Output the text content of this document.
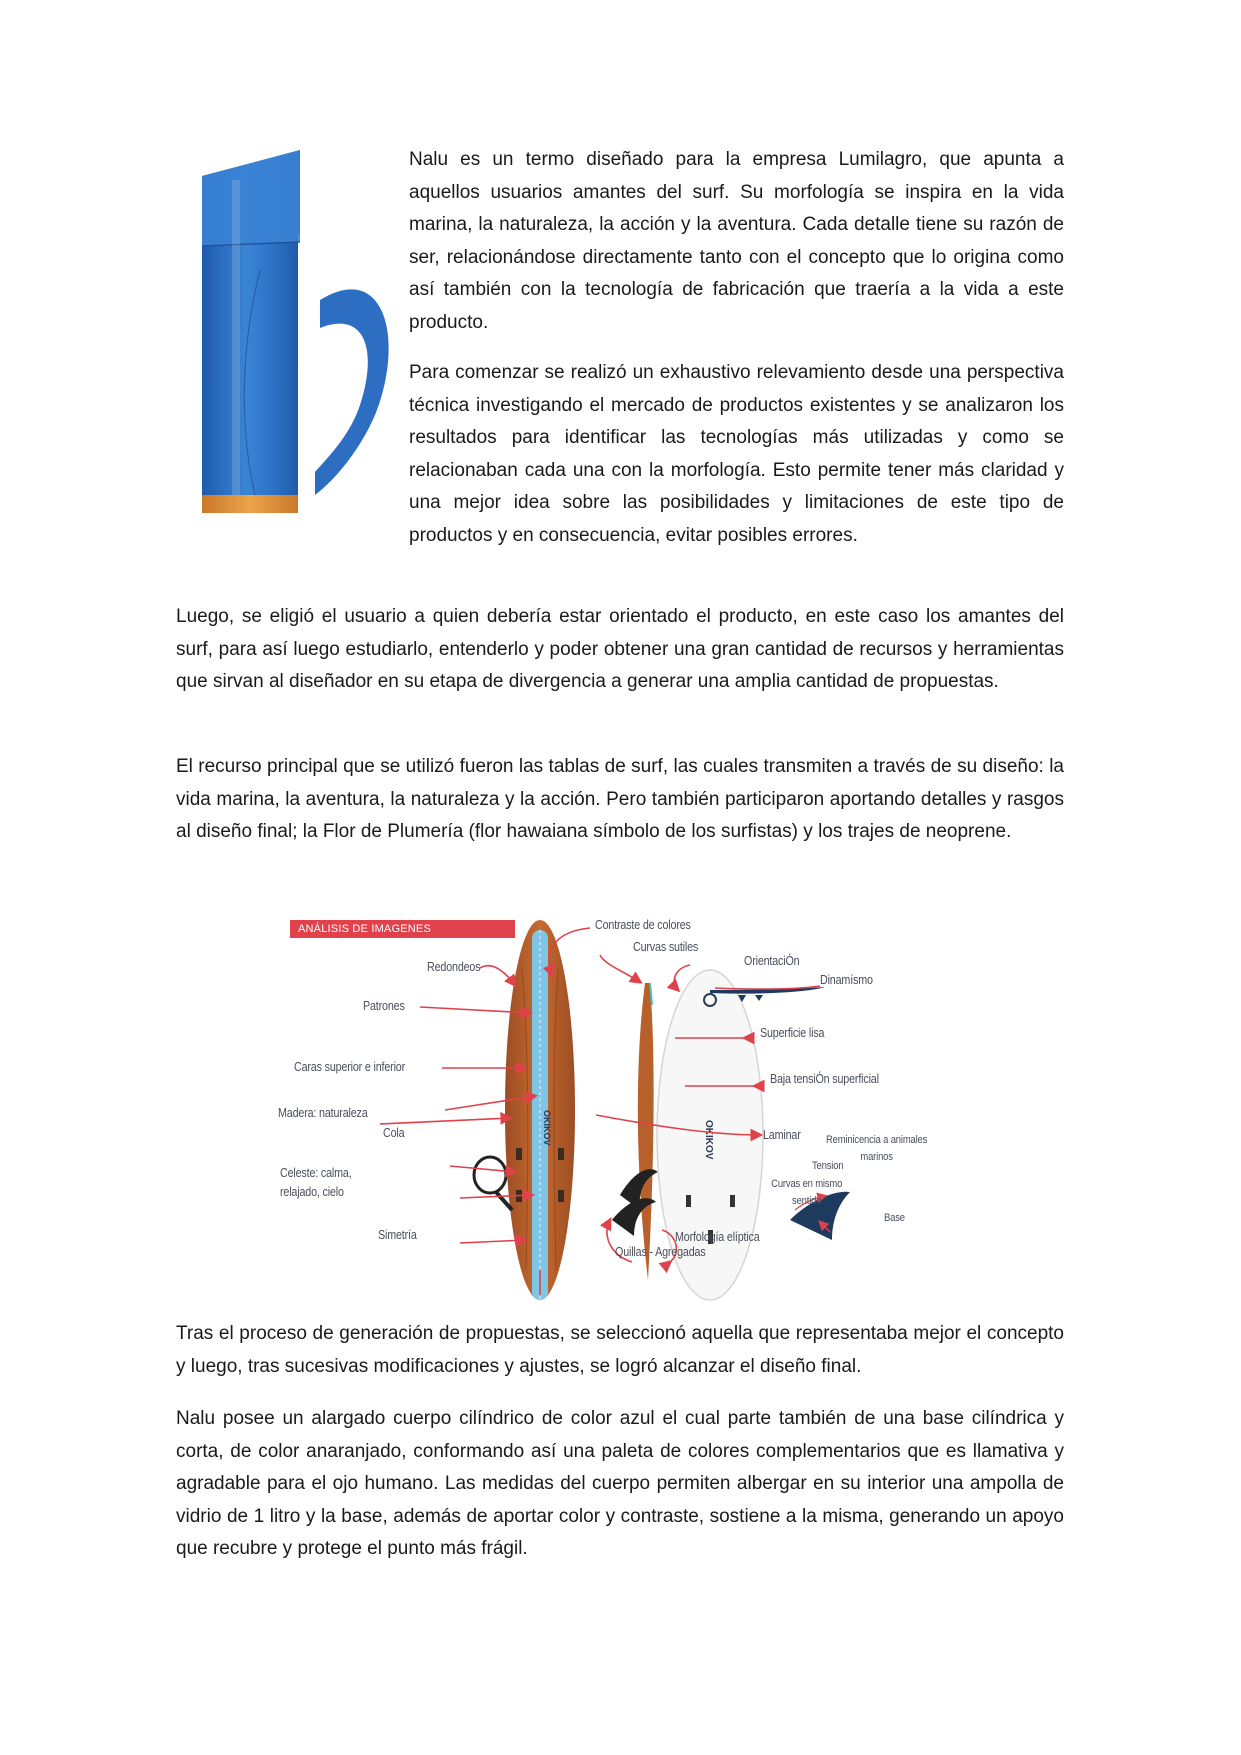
Nalu es un termo diseñado para la empresa Lumilagro, que apunta a aquellos usuarios amantes del surf. Su morfología se inspira en la vida marina, la naturaleza, la acción y la aventura. Cada detalle tiene su razón de ser, relacionándose directamente tanto con el concepto que lo origina como así también con la tecnología de fabricación que traería a la vida a este producto.

Para comenzar se realizó un exhaustivo relevamiento desde una perspectiva técnica investigando el mercado de productos existentes y se analizaron los resultados para identificar las tecnologías más utilizadas y como se relacionaban cada una con la morfología. Esto permite tener más claridad y una mejor idea sobre las posibilidades y limitaciones de este tipo de productos y en consecuencia, evitar posibles errores.

Luego, se eligió el usuario a quien debería estar orientado el producto, en este caso los amantes del surf, para así luego estudiarlo, entenderlo y poder obtener una gran cantidad de recursos y herramientas que sirvan al diseñador en su etapa de divergencia a generar una amplia cantidad de propuestas.

El recurso principal que se utilizó fueron las tablas de surf, las cuales transmiten a través de su diseño: la vida marina, la aventura, la naturaleza y la acción. Pero también participaron aportando detalles y rasgos al diseño final; la Flor de Plumería (flor hawaiana símbolo de los surfistas) y los trajes de neoprene.

ANÁLISIS DE IMAGENES
OKIKOV	OKIKOV
Redondeos
Patrones
Caras superior e inferior
Madera: naturaleza
Cola
Celeste: calma, relajado, cielo
Simetría
Contraste de colores
Curvas sutiles
OrientaciÓn
Dinamísmo
Superficie lisa
Baja tensiÓn superficial
Laminar Reminicencia a animales marinos
Tension
Curvas en mismo sentido
Base
Morfología elíptica
Quillas - Agregadas

Tras el proceso de generación de propuestas, se seleccionó aquella que representaba mejor el concepto y luego, tras sucesivas modificaciones y ajustes, se logró alcanzar el diseño final.

Nalu posee un alargado cuerpo cilíndrico de color azul el cual parte también de una base cilíndrica y corta, de color anaranjado, conformando así una paleta de colores complementarios que es llamativa y agradable para el ojo humano. Las medidas del cuerpo permiten albergar en su interior una ampolla de vidrio de 1 litro y la base, además de aportar color y contraste, sostiene a la misma, generando un apoyo que recubre y protege el punto más frágil.
